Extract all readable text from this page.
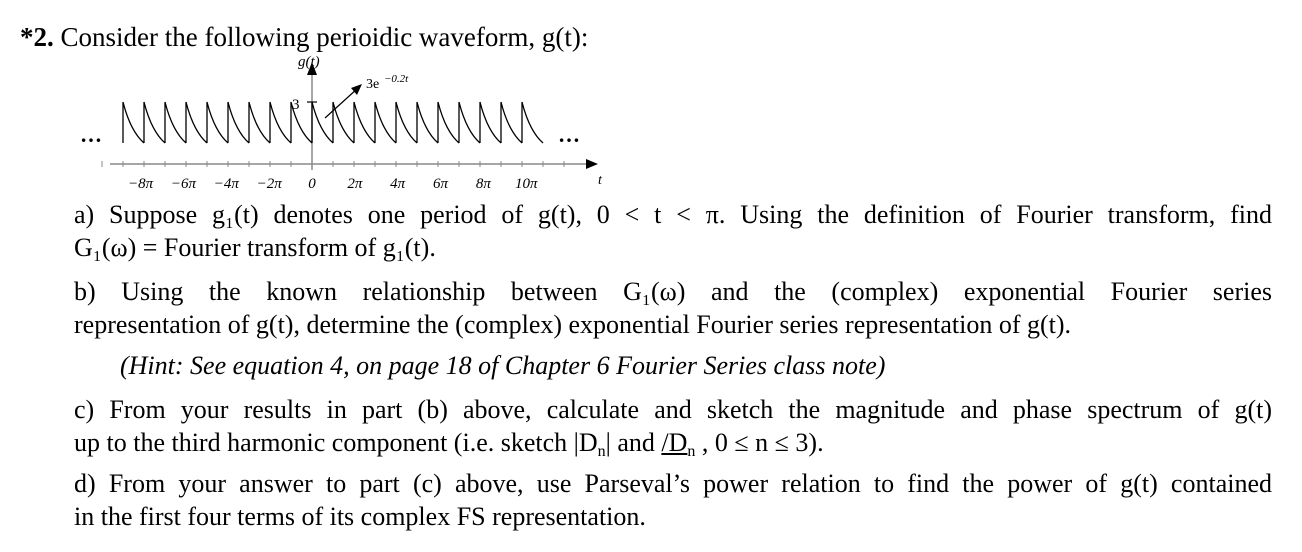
*2. Consider the following perioidic waveform, g(t):
g(t)
3
3e −0.2t
t
…	…
−8π −6π −4π −2π 0 2π 4π 6π 8π 10π
a) Suppose g₁(t) denotes one period of g(t), 0 < t < π. Using the definition of Fourier transform, find
G₁(ω) = Fourier transform of g₁(t).
b) Using the known relationship between G₁(ω) and the (complex) exponential Fourier series
representation of g(t), determine the (complex) exponential Fourier series representation of g(t).
(Hint: See equation 4, on page 18 of Chapter 6 Fourier Series class note)
c) From your results in part (b) above, calculate and sketch the magnitude and phase spectrum of g(t)
up to the third harmonic component (i.e. sketch |Dn| and /Dn , 0 ≤ n ≤ 3).
d) From your answer to part (c) above, use Parseval’s power relation to find the power of g(t) contained
in the first four terms of its complex FS representation.
